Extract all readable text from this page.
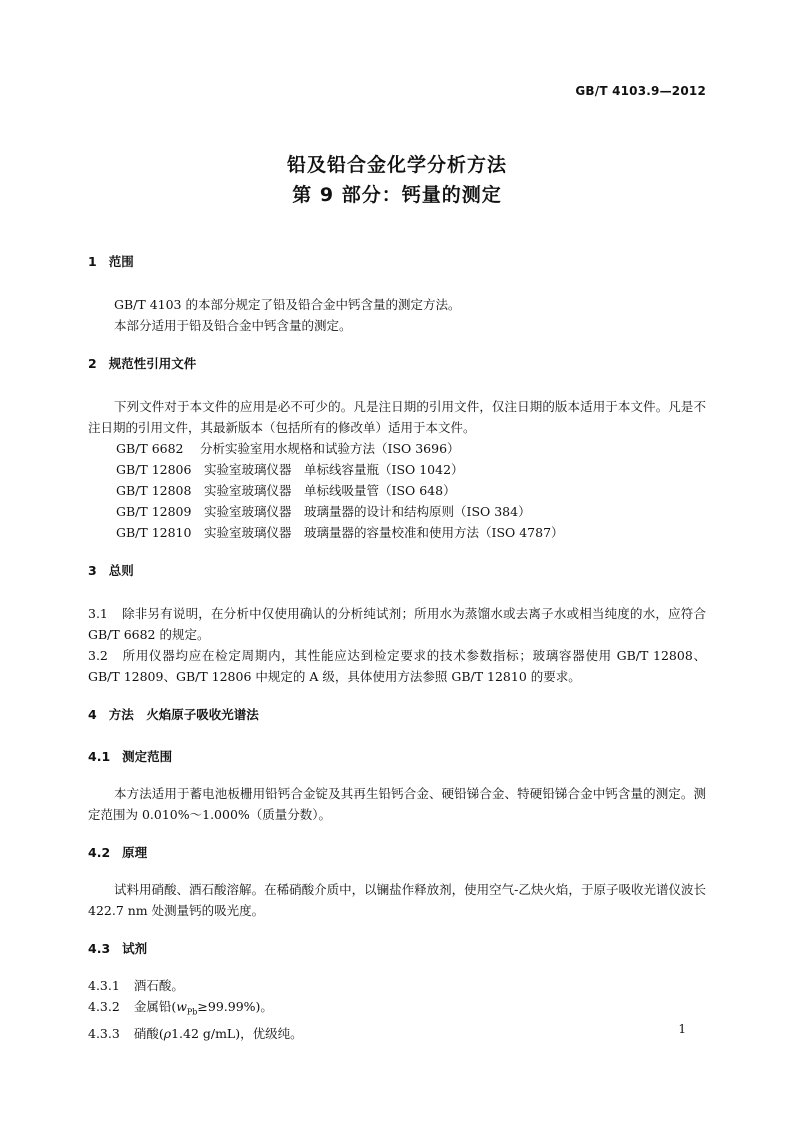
GB/T 4103.9—2012
铅及铅合金化学分析方法
第 9 部分：钙量的测定
1 范围

GB/T 4103 的本部分规定了铅及铅合金中钙含量的测定方法。

本部分适用于铅及铅合金中钙含量的测定。

2 规范性引用文件

下列文件对于本文件的应用是必不可少的。凡是注日期的引用文件，仅注日期的版本适用于本文件。凡是不注日期的引用文件，其最新版本（包括所有的修改单）适用于本文件。

GB/T 6682 分析实验室用水规格和试验方法（ISO 3696）
GB/T 12806 实验室玻璃仪器　单标线容量瓶（ISO 1042）
GB/T 12808 实验室玻璃仪器　单标线吸量管（ISO 648）
GB/T 12809 实验室玻璃仪器　玻璃量器的设计和结构原则（ISO 384）
GB/T 12810 实验室玻璃仪器　玻璃量器的容量校准和使用方法（ISO 4787）
3 总则

3.1 除非另有说明，在分析中仅使用确认的分析纯试剂；所用水为蒸馏水或去离子水或相当纯度的水，应符合 GB/T 6682 的规定。

3.2 所用仪器均应在检定周期内，其性能应达到检定要求的技术参数指标；玻璃容器使用 GB/T 12808、GB/T 12809、GB/T 12806 中规定的 A 级，具体使用方法参照 GB/T 12810 的要求。

4 方法　火焰原子吸收光谱法
4.1 测定范围

本方法适用于蓄电池板栅用铅钙合金锭及其再生铅钙合金、硬铅锑合金、特硬铅锑合金中钙含量的测定。测定范围为 0.010%～1.000%（质量分数）。

4.2 原理

试料用硝酸、酒石酸溶解。在稀硝酸介质中，以镧盐作释放剂，使用空气-乙炔火焰，于原子吸收光谱仪波长 422.7 nm 处测量钙的吸光度。

4.3 试剂

4.3.1 酒石酸。

4.3.2 金属铅$(w_{Pb}\ge 99.99\%)$。

4.3.3 硝酸(ρ1.42 g/mL)，优级纯。	1
